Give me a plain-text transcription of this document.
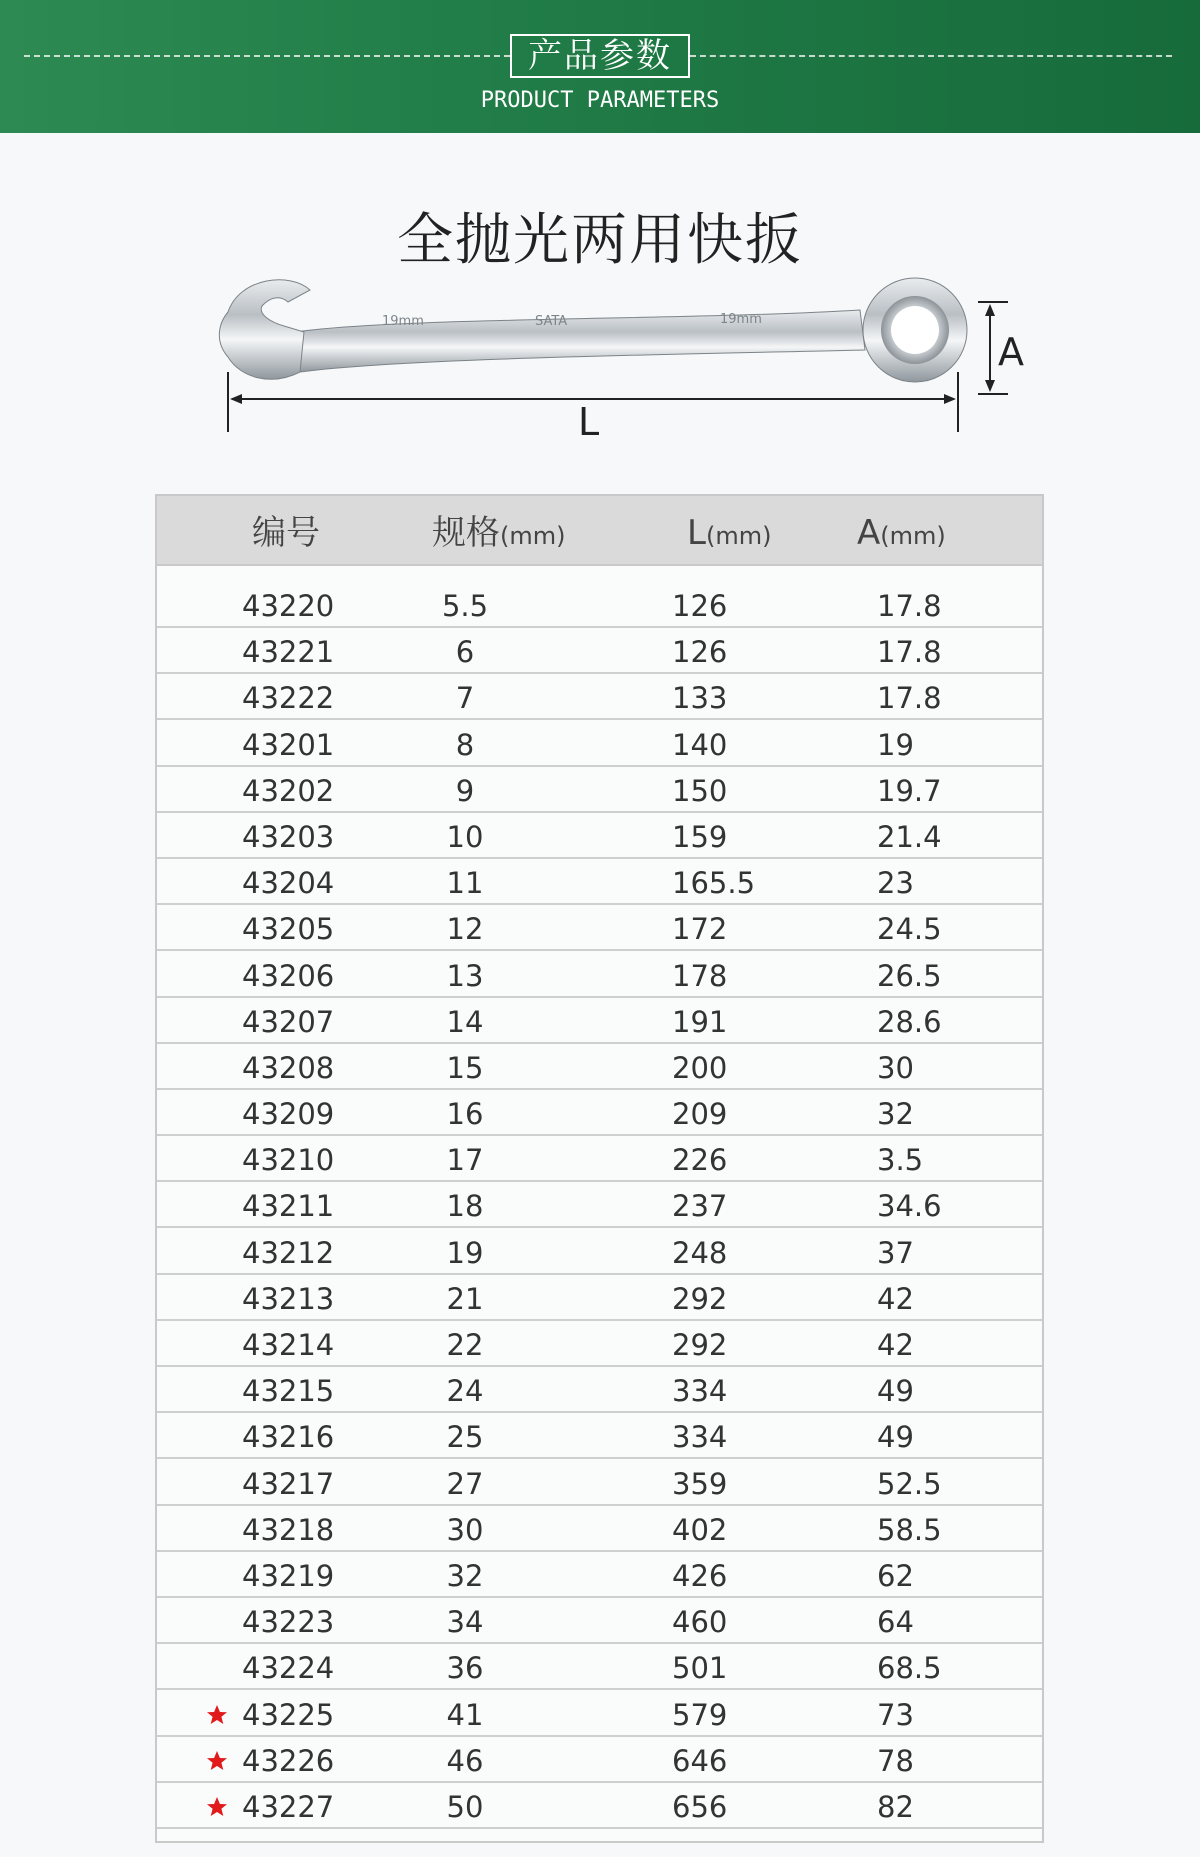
产品参数
PRODUCT PARAMETERS
全抛光两用快扳
19mm	SATA	19mm
A
L
编号	规格(mm)	L(mm)	A(mm)
43220	5.5	126	17.8
43221	6	126	17.8
43222	7	133	17.8
43201	8	140	19
43202	9	150	19.7
43203	10	159	21.4
43204	11	165.5	23
43205	12	172	24.5
43206	13	178	26.5
43207	14	191	28.6
43208	15	200	30
43209	16	209	32
43210	17	226	3.5
43211	18	237	34.6
43212	19	248	37
43213	21	292	42
43214	22	292	42
43215	24	334	49
43216	25	334	49
43217	27	359	52.5
43218	30	402	58.5
43219	32	426	62
43223	34	460	64
43224	36	501	68.5
43225	41	579	73
43226	46	646	78
43227	50	656	82
